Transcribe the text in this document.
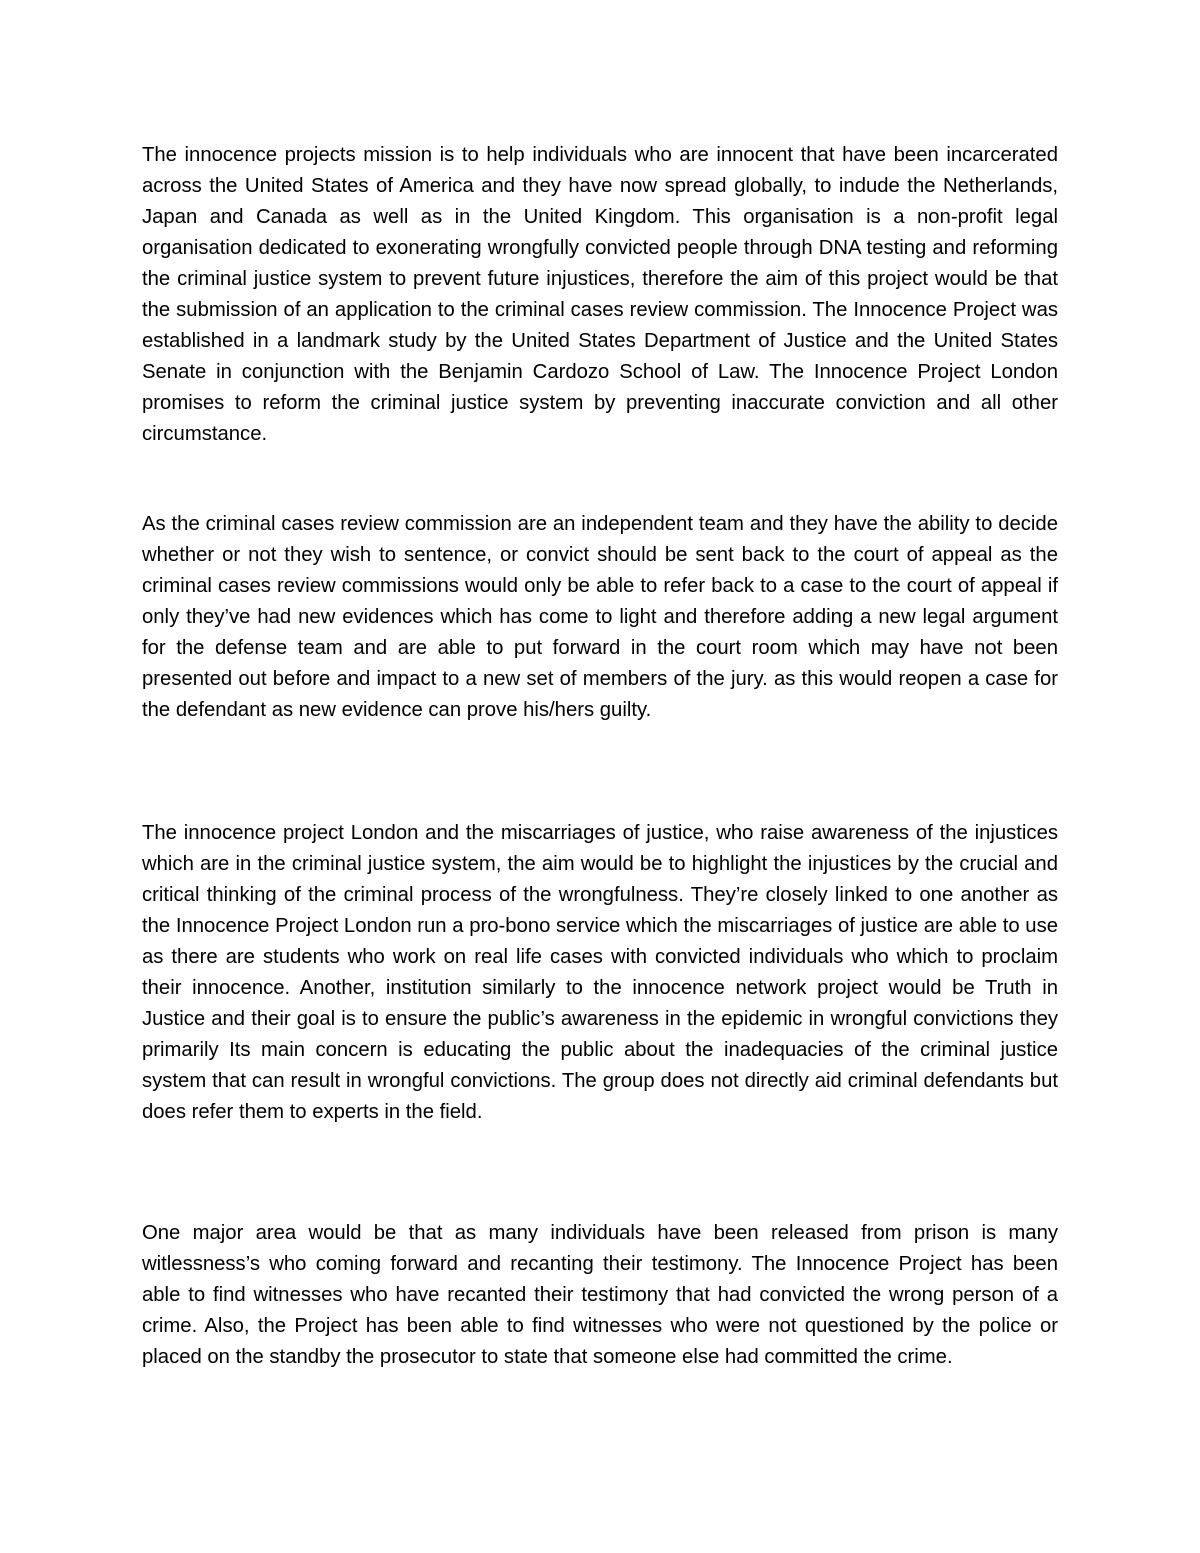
The innocence projects mission is to help individuals who are innocent that have been incarcerated across the United States of America and they have now spread globally, to indude the Netherlands, Japan and Canada as well as in the United Kingdom. This organisation is a non-profit legal organisation dedicated to exonerating wrongfully convicted people through DNA testing and reforming the criminal justice system to prevent future injustices, therefore the aim of this project would be that the submission of an application to the criminal cases review commission. The Innocence Project was established in a landmark study by the United States Department of Justice and the United States Senate in conjunction with the Benjamin Cardozo School of Law. The Innocence Project London promises to reform the criminal justice system by preventing inaccurate conviction and all other circumstance.

As the criminal cases review commission are an independent team and they have the ability to decide whether or not they wish to sentence, or convict should be sent back to the court of appeal as the criminal cases review commissions would only be able to refer back to a case to the court of appeal if only they’ve had new evidences which has come to light and therefore adding a new legal argument for the defense team and are able to put forward in the court room which may have not been presented out before and impact to a new set of members of the jury. as this would reopen a case for the defendant as new evidence can prove his/hers guilty.

The innocence project London and the miscarriages of justice, who raise awareness of the injustices which are in the criminal justice system, the aim would be to highlight the injustices by the crucial and critical thinking of the criminal process of the wrongfulness. They’re closely linked to one another as the Innocence Project London run a pro-bono service which the miscarriages of justice are able to use as there are students who work on real life cases with convicted individuals who which to proclaim their innocence. Another, institution similarly to the innocence network project would be Truth in Justice and their goal is to ensure the public’s awareness in the epidemic in wrongful convictions they primarily Its main concern is educating the public about the inadequacies of the criminal justice system that can result in wrongful convictions. The group does not directly aid criminal defendants but does refer them to experts in the field.

One major area would be that as many individuals have been released from prison is many witlessness’s who coming forward and recanting their testimony. The Innocence Project has been able to find witnesses who have recanted their testimony that had convicted the wrong person of a crime. Also, the Project has been able to find witnesses who were not questioned by the police or placed on the standby the prosecutor to state that someone else had committed the crime.
